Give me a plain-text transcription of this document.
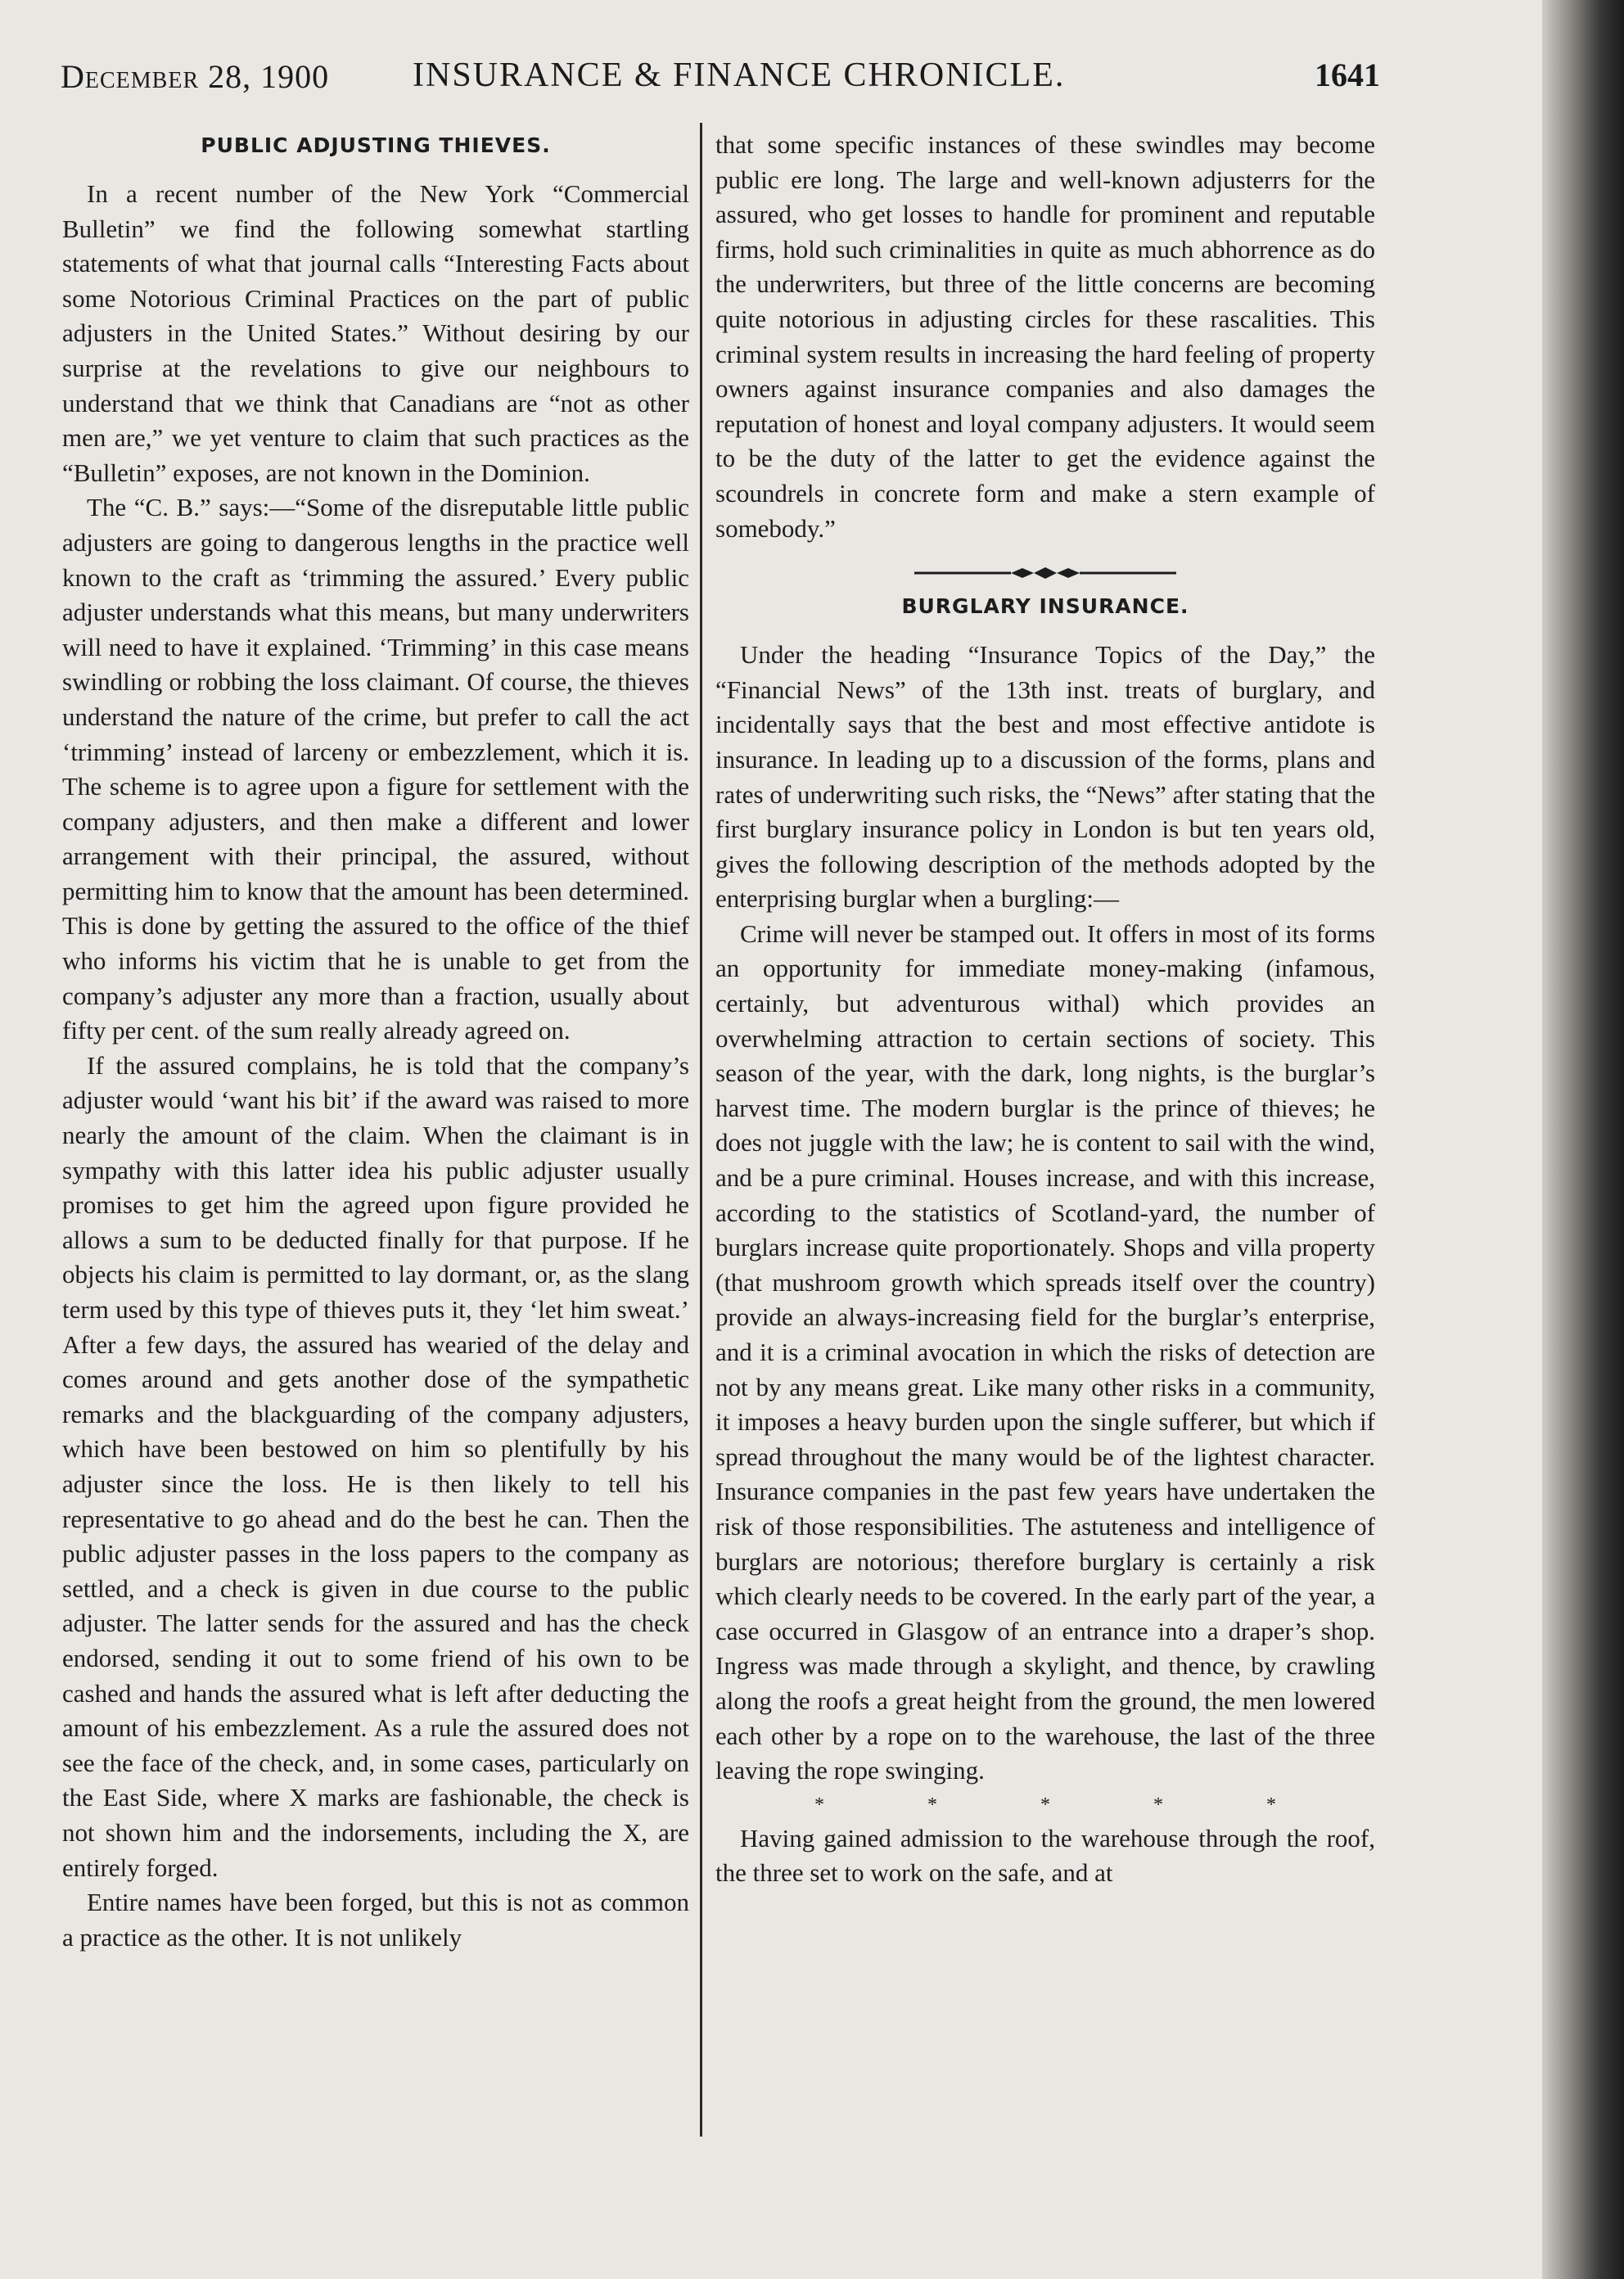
December 28, 1900 INSURANCE & FINANCE CHRONICLE.	1641
PUBLIC ADJUSTING THIEVES.

In a recent number of the New York “Commercial Bulletin” we find the following somewhat startling statements of what that journal calls “Interesting Facts about some Notorious Criminal Practices on the part of public adjusters in the United States.” Without desiring by our surprise at the revelations to give our neighbours to understand that we think that Canadians are “not as other men are,” we yet venture to claim that such practices as the “Bulletin” exposes, are not known in the Dominion.

The “C. B.” says:—“Some of the disreputable little public adjusters are going to dangerous lengths in the practice well known to the craft as ‘trimming the assured.’ Every public adjuster understands what this means, but many underwriters will need to have it explained. ‘Trimming’ in this case means swindling or robbing the loss claimant. Of course, the thieves understand the nature of the crime, but prefer to call the act ‘trimming’ instead of larceny or embezzlement, which it is. The scheme is to agree upon a figure for settlement with the company adjusters, and then make a different and lower arrangement with their principal, the assured, without permitting him to know that the amount has been determined. This is done by getting the assured to the office of the thief who informs his victim that he is unable to get from the company’s adjuster any more than a fraction, usually about fifty per cent. of the sum really already agreed on.

If the assured complains, he is told that the company’s adjuster would ‘want his bit’ if the award was raised to more nearly the amount of the claim. When the claimant is in sympathy with this latter idea his public adjuster usually promises to get him the agreed upon figure provided he allows a sum to be deducted finally for that purpose. If he objects his claim is permitted to lay dormant, or, as the slang term used by this type of thieves puts it, they ‘let him sweat.’ After a few days, the assured has wearied of the delay and comes around and gets another dose of the sympathetic remarks and the blackguarding of the company adjusters, which have been bestowed on him so plentifully by his adjuster since the loss. He is then likely to tell his representative to go ahead and do the best he can. Then the public adjuster passes in the loss papers to the company as settled, and a check is given in due course to the public adjuster. The latter sends for the assured and has the check endorsed, sending it out to some friend of his own to be cashed and hands the assured what is left after deducting the amount of his embezzlement. As a rule the assured does not see the face of the check, and, in some cases, particularly on the East Side, where X marks are fashionable, the check is not shown him and the indorsements, including the X, are entirely forged.

Entire names have been forged, but this is not as common a practice as the other. It is not unlikely

that some specific instances of these swindles may become public ere long. The large and well-known adjusterrs for the assured, who get losses to handle for prominent and reputable firms, hold such criminalities in quite as much abhorrence as do the underwriters, but three of the little concerns are becoming quite notorious in adjusting circles for these rascalities. This criminal system results in increasing the hard feeling of property owners against insurance companies and also damages the reputation of honest and loyal company adjusters. It would seem to be the duty of the latter to get the evidence against the scoundrels in concrete form and make a stern example of somebody.”

BURGLARY INSURANCE.

Under the heading “Insurance Topics of the Day,” the “Financial News” of the 13th inst. treats of burglary, and incidentally says that the best and most effective antidote is insurance. In leading up to a discussion of the forms, plans and rates of underwriting such risks, the “News” after stating that the first burglary insurance policy in London is but ten years old, gives the following description of the methods adopted by the enterprising burglar when a burgling:—

Crime will never be stamped out. It offers in most of its forms an opportunity for immediate money-making (infamous, certainly, but adventurous withal) which provides an overwhelming attraction to certain sections of society. This season of the year, with the dark, long nights, is the burglar’s harvest time. The modern burglar is the prince of thieves; he does not juggle with the law; he is content to sail with the wind, and be a pure criminal. Houses increase, and with this increase, according to the statistics of Scotland-yard, the number of burglars increase quite proportionately. Shops and villa property (that mushroom growth which spreads itself over the country) provide an always-increasing field for the burglar’s enterprise, and it is a criminal avocation in which the risks of detection are not by any means great. Like many other risks in a community, it imposes a heavy burden upon the single sufferer, but which if spread throughout the many would be of the lightest character. Insurance companies in the past few years have undertaken the risk of those responsibilities. The astuteness and intelligence of burglars are notorious; therefore burglary is certainly a risk which clearly needs to be covered. In the early part of the year, a case occurred in Glasgow of an entrance into a draper’s shop. Ingress was made through a skylight, and thence, by crawling along the roofs a great height from the ground, the men lowered each other by a rope on to the warehouse, the last of the three leaving the rope swinging.

* * * * *

Having gained admission to the warehouse through the roof, the three set to work on the safe, and at
